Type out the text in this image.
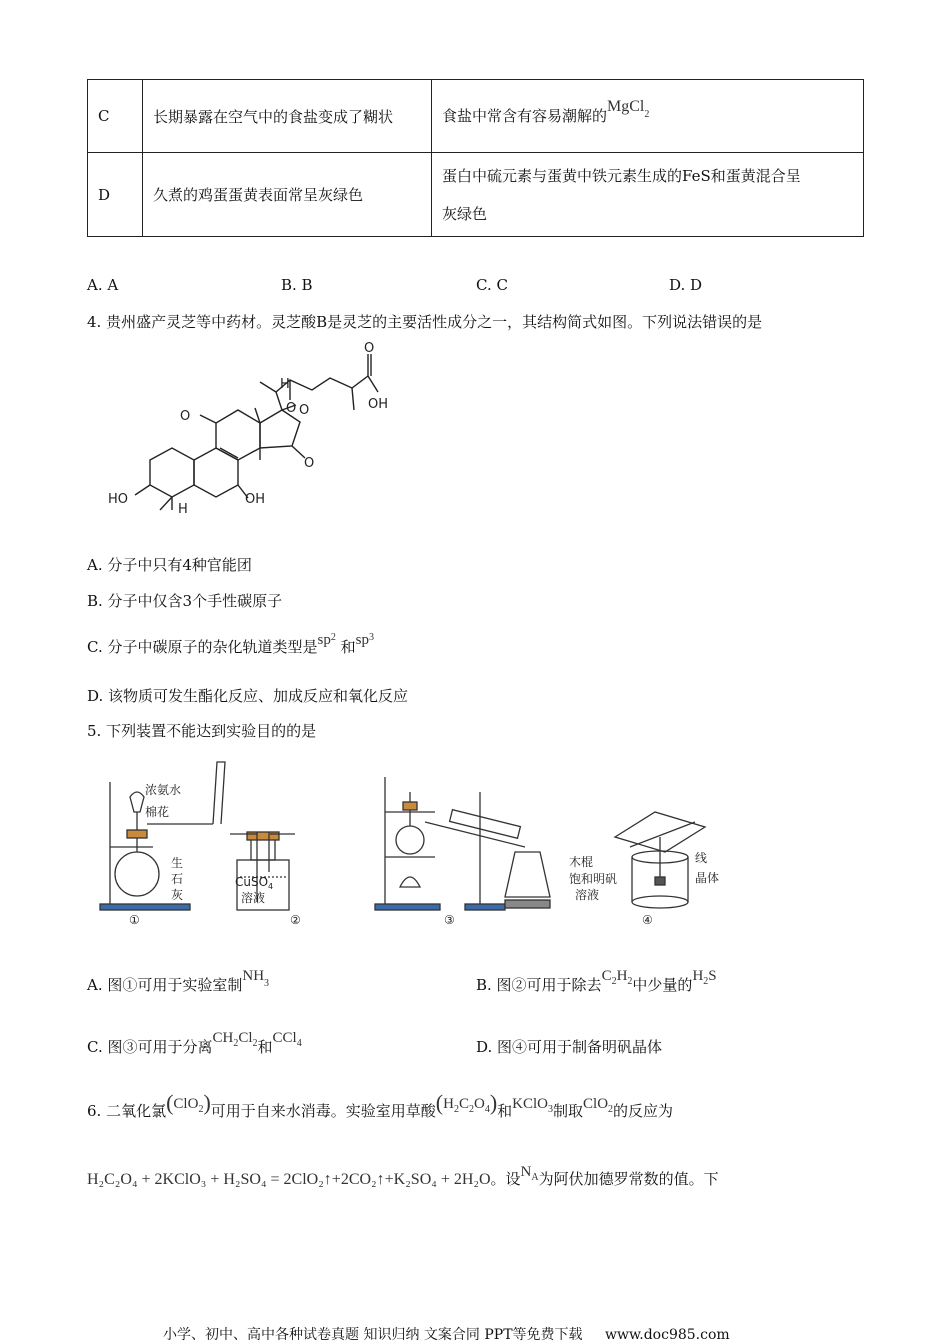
C	长期暴露在空气中的食盐变成了糊状	食盐中常含有容易潮解的MgCl$_2$
D	久煮的鸡蛋蛋黄表面常呈灰绿色	蛋白中硫元素与蛋黄中铁元素生成的FeS和蛋黄混合呈
灰绿色
A. A	B. B	C. C	D. D
4. 贵州盛产灵芝等中药材。灵芝酸B是灵芝的主要活性成分之一，其结构简式如图。下列说法错误的是
HO
H
OH
OH
O
O
O
O O
H
A. 分子中只有4种官能团
B. 分子中仅含3个手性碳原子
C. 分子中碳原子的杂化轨道类型是$sp^2$ 和$sp^3$
D. 该物质可发生酯化反应、加成反应和氧化反应
5. 下列装置不能达到实验目的的是
浓氨水
棉花
生
石
灰
CuSO$_4$
溶液
木棍
饱和明矾
溶液
线
晶体
①	②	③	④
A. 图①可用于实验室制$NH_3$	B. 图②可用于除去$C_2H_2$中少量的$H_2S$
C. 图③可用于分离$CH_2Cl_2$和CCl$_4$	D. 图④可用于制备明矾晶体
6. 二氧化氯(ClO$_2$)可用于自来水消毒。实验室用草酸$(H_2C_2O_4)$和KClO$_3$制取ClO$_2$的反应为
H₂C₂O₄ + 2KClO₃ + H₂SO₄ = 2ClO₂↑+2CO₂↑+K₂SO₄ + 2H₂O。设$N_A$为阿伏加德罗常数的值。下
小学、初中、高中各种试卷真题 知识归纳 文案合同 PPT等免费下载 www.doc985.com
